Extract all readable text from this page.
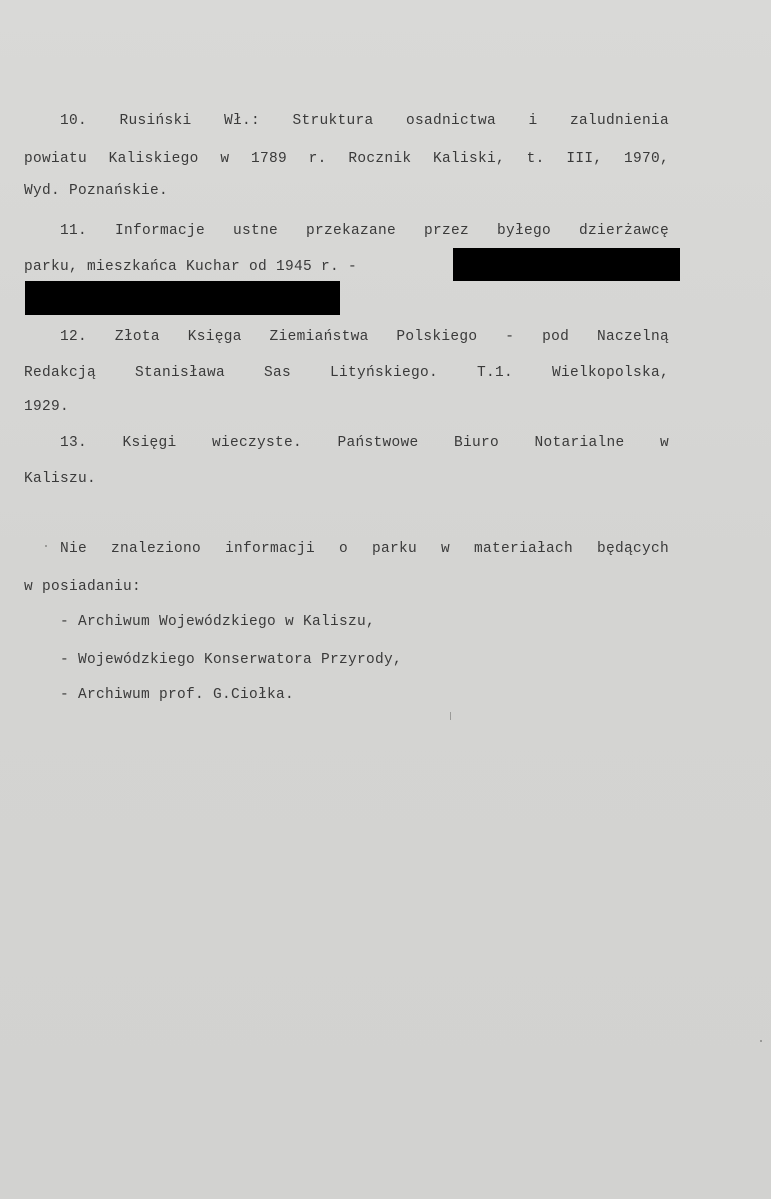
10. Rusiński Wł.: Struktura osadnictwa i zaludnienia
powiatu Kaliskiego w 1789 r. Rocznik Kaliski, t. III, 1970,
Wyd. Poznańskie.
11. Informacje ustne przekazane przez byłego dzierżawcę
parku, mieszkańca Kuchar od 1945 r. -
12. Złota Księga Ziemiaństwa Polskiego - pod Naczelną
Redakcją Stanisława Sas Lityńskiego. T.1. Wielkopolska,
1929.
13. Księgi wieczyste. Państwowe Biuro Notarialne w
Kaliszu.
Nie znaleziono informacji o parku w materiałach będących
w posiadaniu:
- Archiwum Wojewódzkiego w Kaliszu,
- Wojewódzkiego Konserwatora Przyrody,
- Archiwum prof. G.Ciołka.
